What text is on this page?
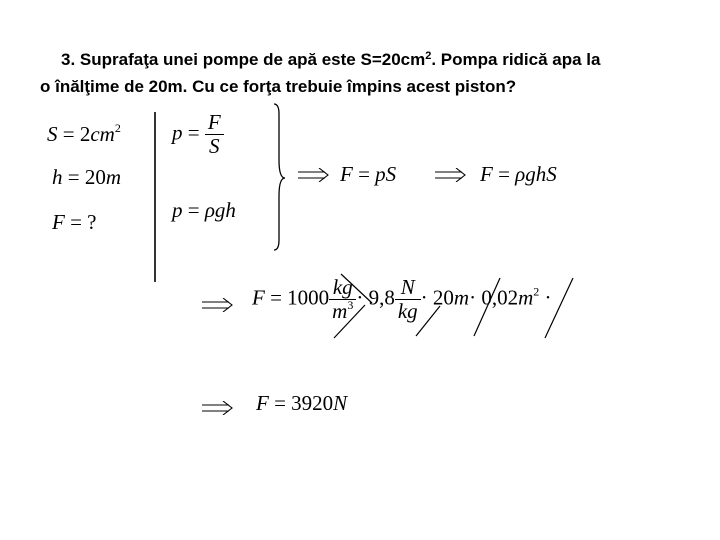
3. Suprafaţa unei pompe de apă este $S=20cm^2$. Pompa ridică apa la
o înălţime de 20m. Cu ce forţa trebuie împins acest piston?
$S = 2cm^2$
h = 20m
F = ?
$p = \frac{F}{S}$
p = ρgh
F = pS	F = ρghS
$F = 1000 \frac{kg}{m^3} \cdot 9,8 \frac{N}{kg} \cdot 20m\cdot 0,02m^2$ ·
F = 3920N
